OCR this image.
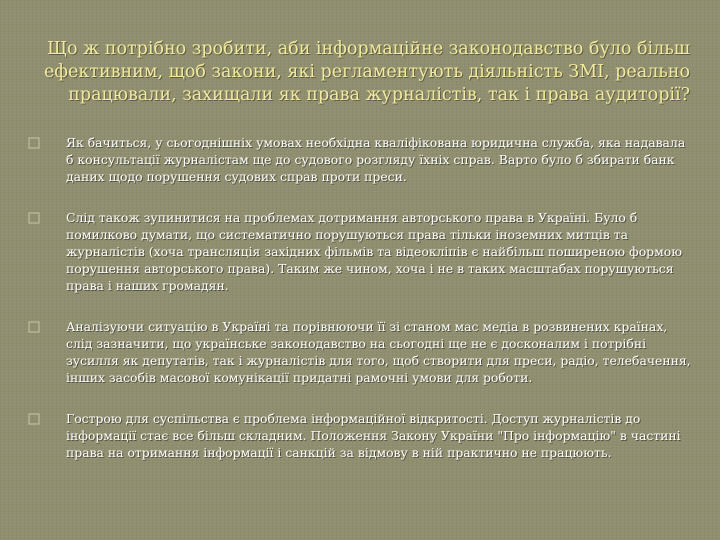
Що ж потрібно зробити, аби інформаційне законодавство було більш ефективним, щоб закони, які регламентують діяльність ЗМІ, реально працювали, захищали як права журналістів, так і права аудиторії?
Як бачиться, у сьогоднішніх умовах необхідна кваліфікована юридична служба, яка надавала б консультації журналістам ще до судового розгляду їхніх справ. Варто було б збирати банк даних щодо порушення судових справ проти преси.
Слід також зупинитися на проблемах дотримання авторського права в Україні. Було б помилково думати, що систематично порушуються права тільки іноземних митців та журналістів (хоча трансляція західних фільмів та відеокліпів є найбільш поширеною формою порушення авторського права). Таким же чином, хоча і не в таких масштабах порушуються права і наших громадян.
Аналізуючи ситуацію в Україні та порівнюючи її зі станом мас медіа в розвинених країнах, слід зазначити, що українське законодавство на сьогодні ще не є досконалим і потрібні зусилля як депутатів, так і журналістів для того, щоб створити для преси, радіо, телебачення, інших засобів масової комунікації придатні рамочні умови для роботи.
Гострою для суспільства є проблема інформаційної відкритості. Доступ журналістів до інформації стає все більш складним. Положення Закону України "Про інформацію" в частині права на отримання інформації і санкцій за відмову в ній практично не працюють.
